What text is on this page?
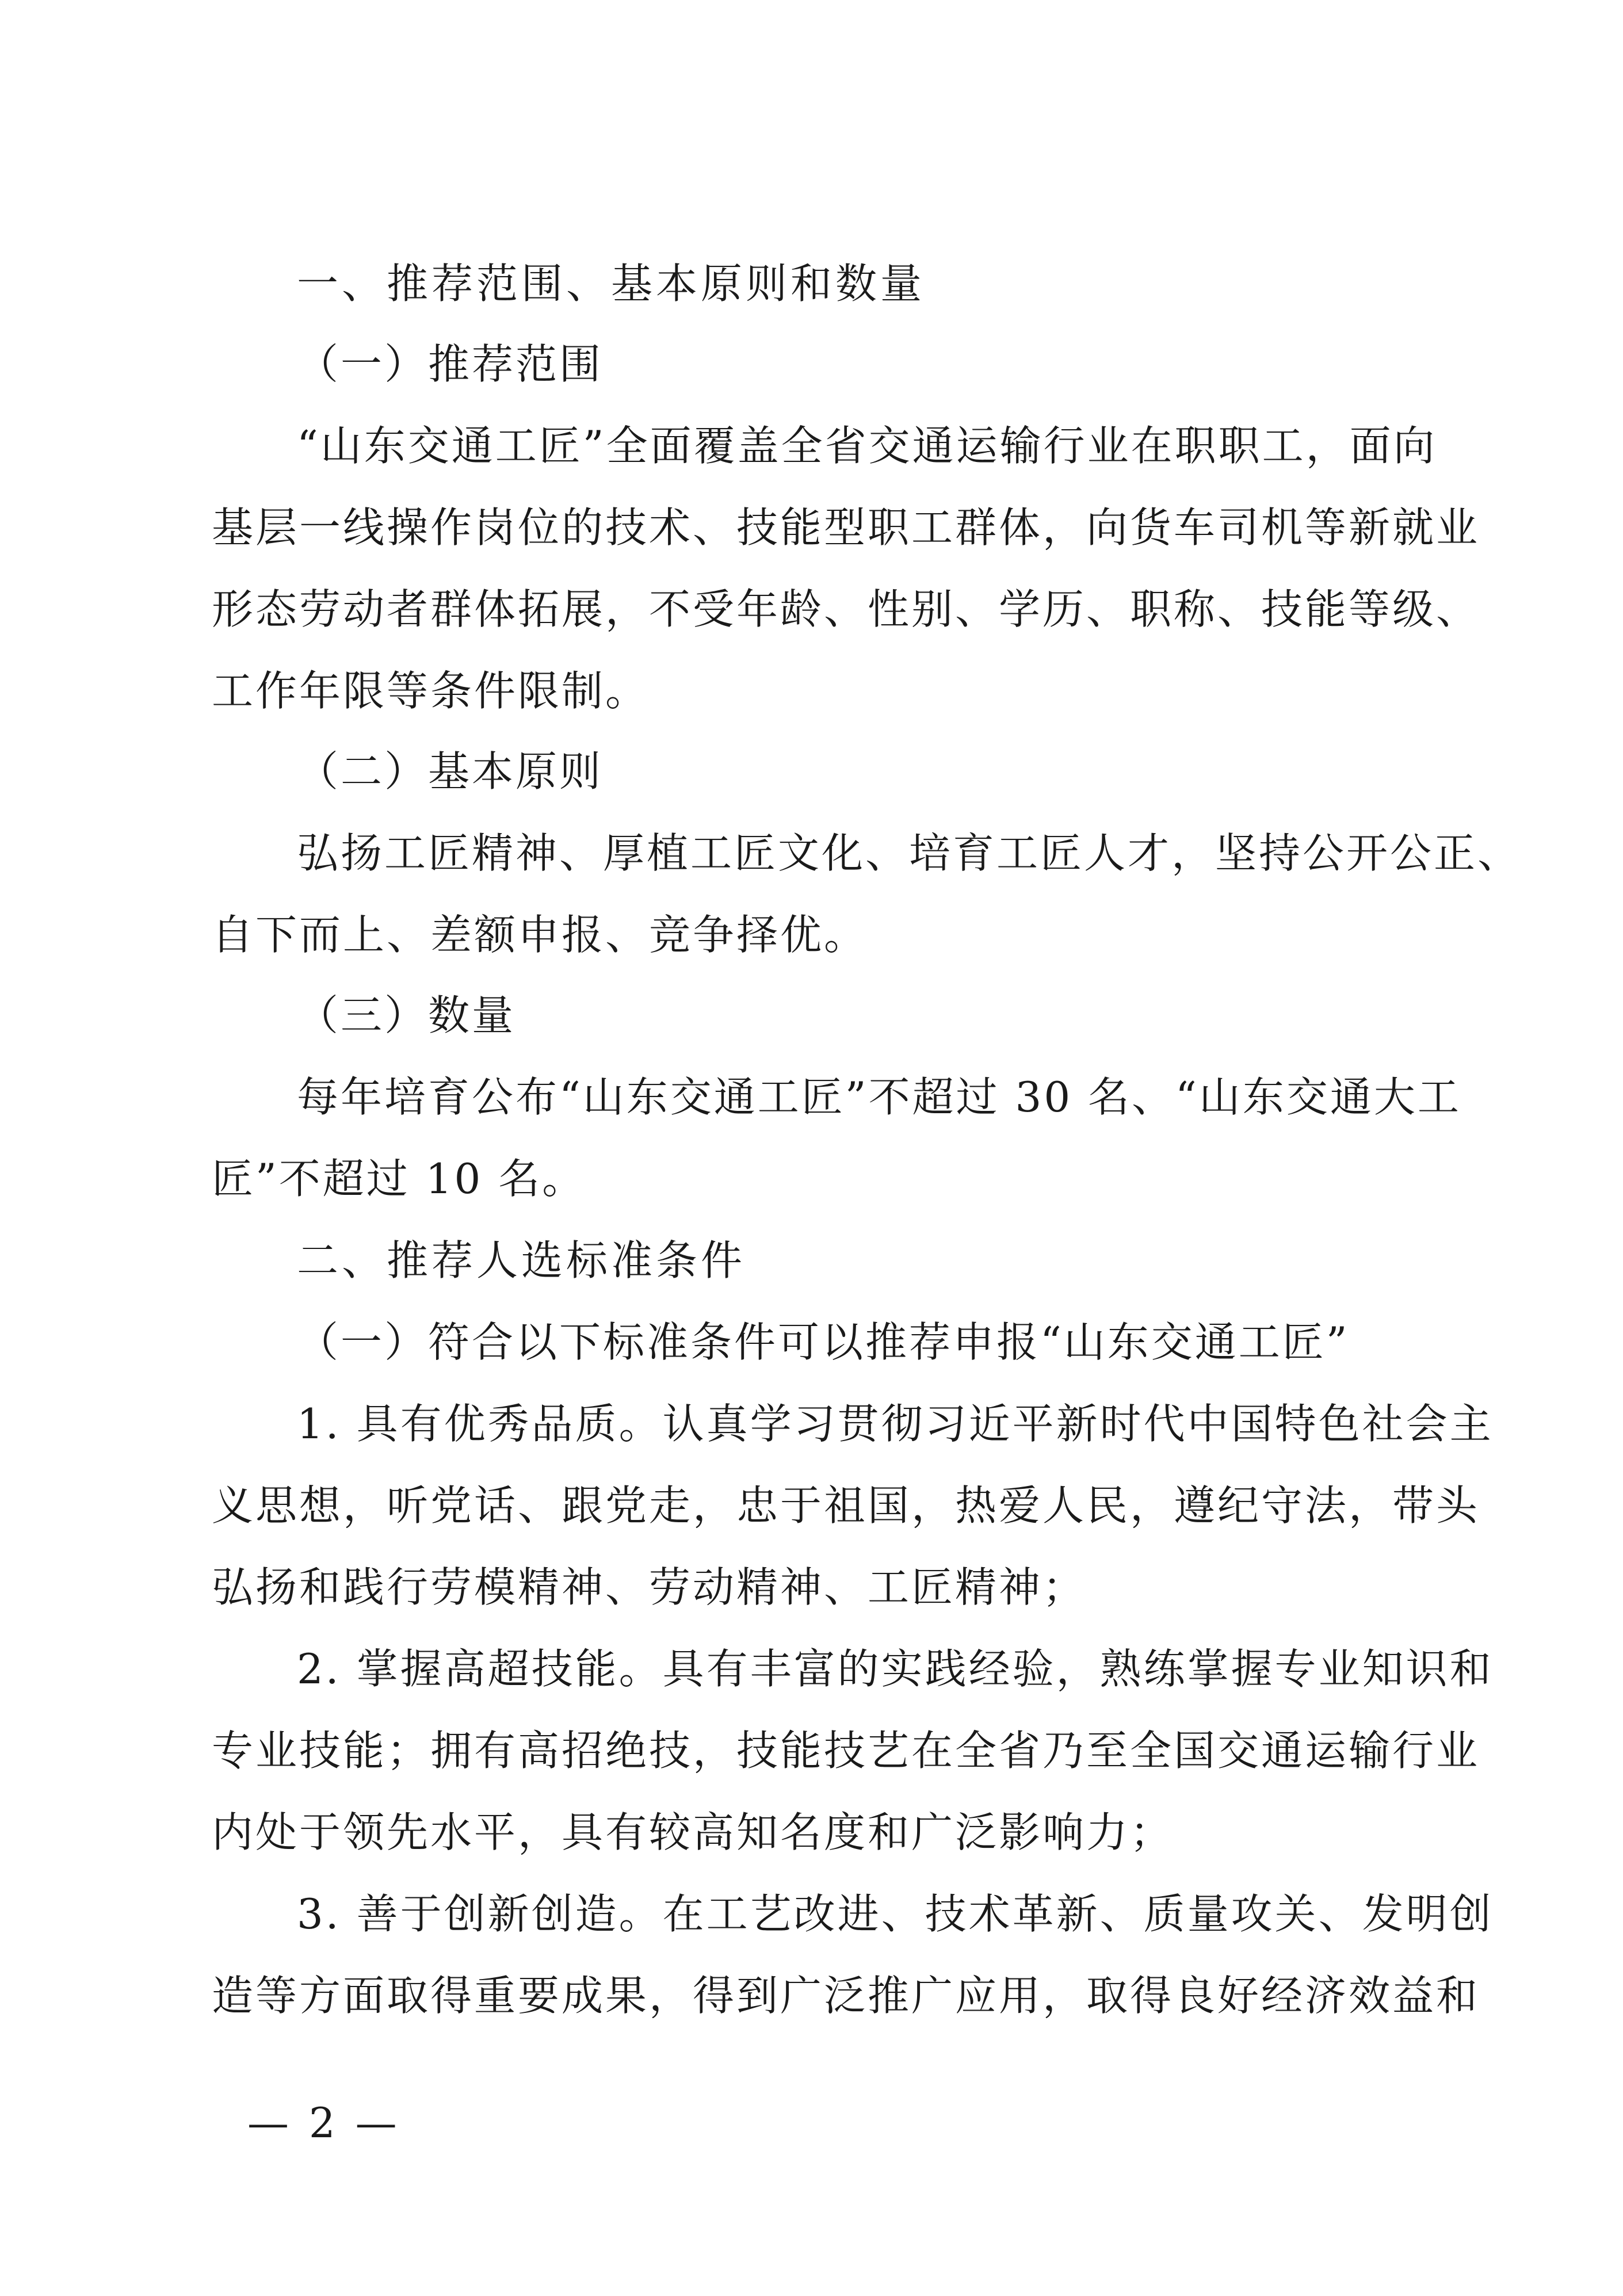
一、推荐范围、基本原则和数量
（一）推荐范围
“山东交通工匠”全面覆盖全省交通运输行业在职职工，面向
基层一线操作岗位的技术、技能型职工群体，向货车司机等新就业
形态劳动者群体拓展，不受年龄、性别、学历、职称、技能等级、
工作年限等条件限制。
（二）基本原则
弘扬工匠精神、厚植工匠文化、培育工匠人才，坚持公开公正、
自下而上、差额申报、竞争择优。
（三）数量
每年培育公布“山东交通工匠”不超过 30 名、“山东交通大工
匠”不超过 10 名。
二、推荐人选标准条件
（一）符合以下标准条件可以推荐申报“山东交通工匠”
1. 具有优秀品质。认真学习贯彻习近平新时代中国特色社会主
义思想，听党话、跟党走，忠于祖国，热爱人民，遵纪守法，带头
弘扬和践行劳模精神、劳动精神、工匠精神；
2. 掌握高超技能。具有丰富的实践经验，熟练掌握专业知识和
专业技能；拥有高招绝技，技能技艺在全省乃至全国交通运输行业
内处于领先水平，具有较高知名度和广泛影响力；
3. 善于创新创造。在工艺改进、技术革新、质量攻关、发明创
造等方面取得重要成果，得到广泛推广应用，取得良好经济效益和
— 2 —
